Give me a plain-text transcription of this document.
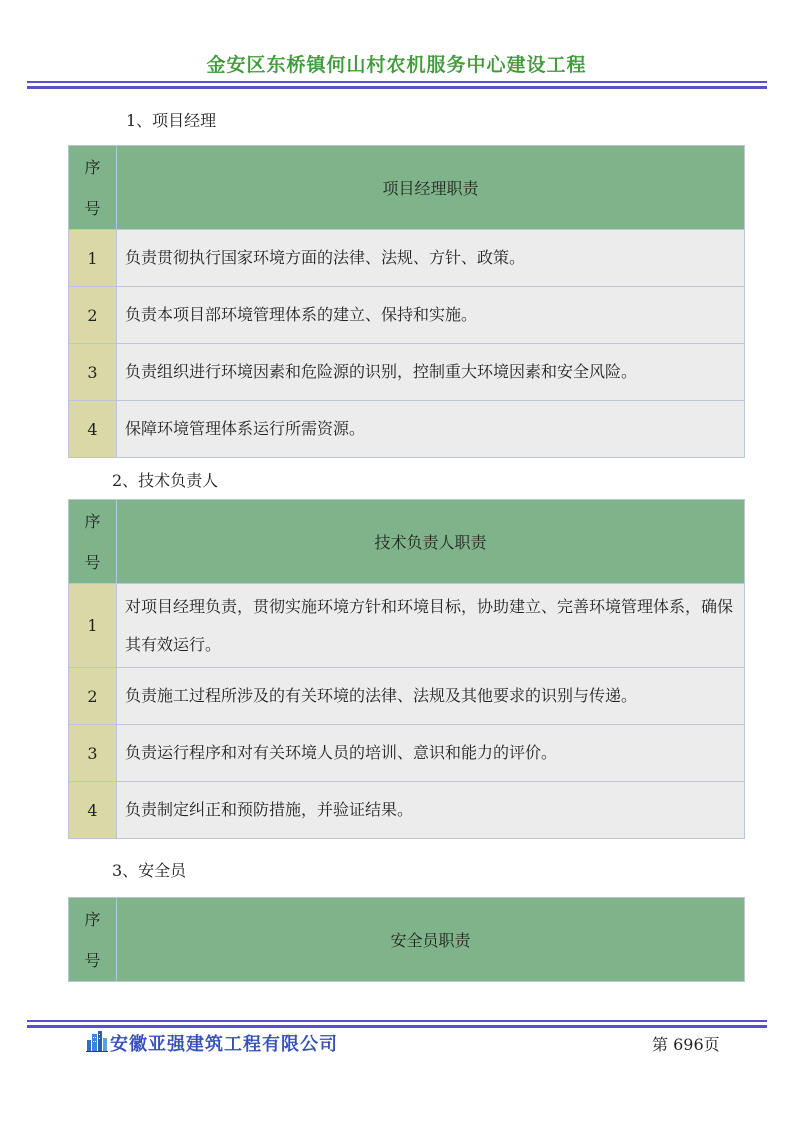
金安区东桥镇何山村农机服务中心建设工程
1、项目经理
序
号	项目经理职责
1	负责贯彻执行国家环境方面的法律、法规、方针、政策。
2	负责本项目部环境管理体系的建立、保持和实施。
3	负责组织进行环境因素和危险源的识别，控制重大环境因素和安全风险。
4	保障环境管理体系运行所需资源。
2、技术负责人
序
号	技术负责人职责
1	对项目经理负责，贯彻实施环境方针和环境目标，协助建立、完善环境管理体系，确保其有效运行。
2	负责施工过程所涉及的有关环境的法律、法规及其他要求的识别与传递。
3	负责运行程序和对有关环境人员的培训、意识和能力的评价。
4	负责制定纠正和预防措施，并验证结果。
3、安全员
序
号	安全员职责
安徽亚强建筑工程有限公司	第 696页
